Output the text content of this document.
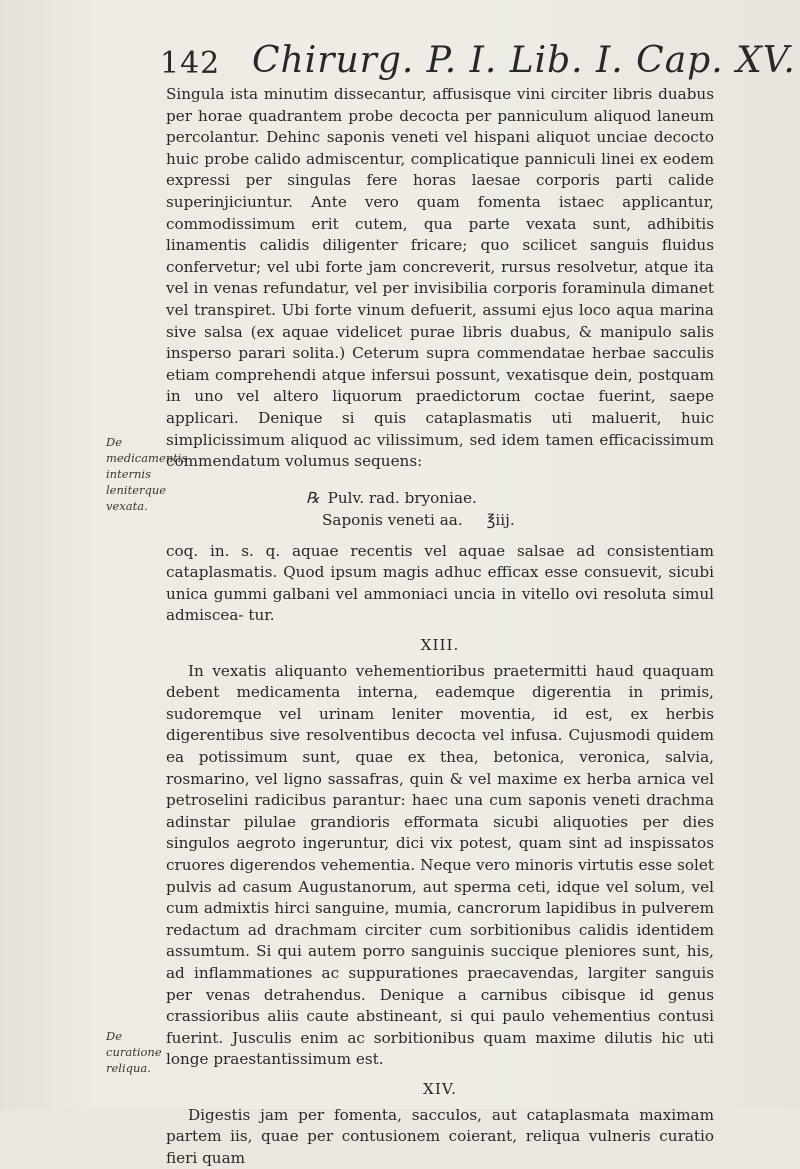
142 Chirurg. P. I. Lib. I. Cap. XV.
De medicamentis internis leniterque vexata.
De curatione reliqua.

Singula ista minutim dissecantur, affusisque vini circiter libris duabus per horae quadrantem probe decocta per panniculum aliquod laneum percolantur. Dehinc saponis veneti vel hispani aliquot unciae decocto huic probe calido admiscentur, complicatique panniculi linei ex eodem expressi per singulas fere horas laesae corporis parti calide superinjiciuntur. Ante vero quam fomenta istaec applicantur, commodissimum erit cutem, qua parte vexata sunt, adhibitis linamentis calidis diligenter fricare; quo scilicet sanguis fluidus confervetur; vel ubi forte jam concreverit, rursus resolvetur, atque ita vel in venas refundatur, vel per invisibilia corporis foraminula dimanet vel transpiret. Ubi forte vinum defuerit, assumi ejus loco aqua marina sive salsa (ex aquae videlicet purae libris duabus, & manipulo salis inspersо parari solita.) Ceterum supra commendatae herbae sacculis etiam comprehendi atque infersui possunt, vexatisque dein, postquam in uno vel altero liquorum praedictorum coctae fuerint, saepe applicari. Denique si quis cataplasmatis uti maluerit, huic simplicissimum aliquod ac vilissimum, sed idem tamen efficacissimum commendatum volumus sequens:

℞ Pulv. rad. bryoniae.
Saponis veneti aa. ℥iij.

coq. in. s. q. aquae recentis vel aquae salsae ad consistentiam cataplasmatis. Quod ipsum magis adhuc efficax esse consuevit, sicubi unica gummi galbani vel ammoniaci uncia in vitello ovi resoluta simul admiscea- tur.

XIII.

In vexatis aliquanto vehementioribus praetermitti haud quaquam debent medicamenta interna, eademque digerentia in primis, sudoremque vel urinam leniter moventia, id est, ex herbis digerentibus sive resolventibus decocta vel infusa. Cujusmodi quidem ea potissimum sunt, quae ex thea, betonica, veronica, salvia, rosmarino, vel ligno sassafras, quin & vel maxime ex herba arnica vel petroselini radicibus parantur: haec una cum saponis veneti drachma adinstar pilulae grandioris efformata sicubi aliquoties per dies singulos aegroto ingeruntur, dici vix potest, quam sint ad inspissatos cruores digerendos vehementia. Neque vero minoris virtutis esse solet pulvis ad casum Augustanorum, aut sperma ceti, idque vel solum, vel cum admixtis hirci sanguine, mumia, cancrorum lapidibus in pulverem redactum ad drachmam circiter cum sorbitionibus calidis identidem assumtum. Si qui autem porro sanguinis succique pleniores sunt, his, ad inflammationes ac suppurationes praecavendas, largiter sanguis per venas detrahendus. Denique a carnibus cibisque id genus crassioribus aliis caute abstineant, si qui paulo vehementius contusi fuerint. Jusculis enim ac sorbitionibus quam maxime dilutis hic uti longe praestantissimum est.

XIV.

Digestis jam per fomenta, sacculos, aut cataplasmata maximam partem iis, quae per contusionem coierant, reliqua vulneris curatio fieri quam
